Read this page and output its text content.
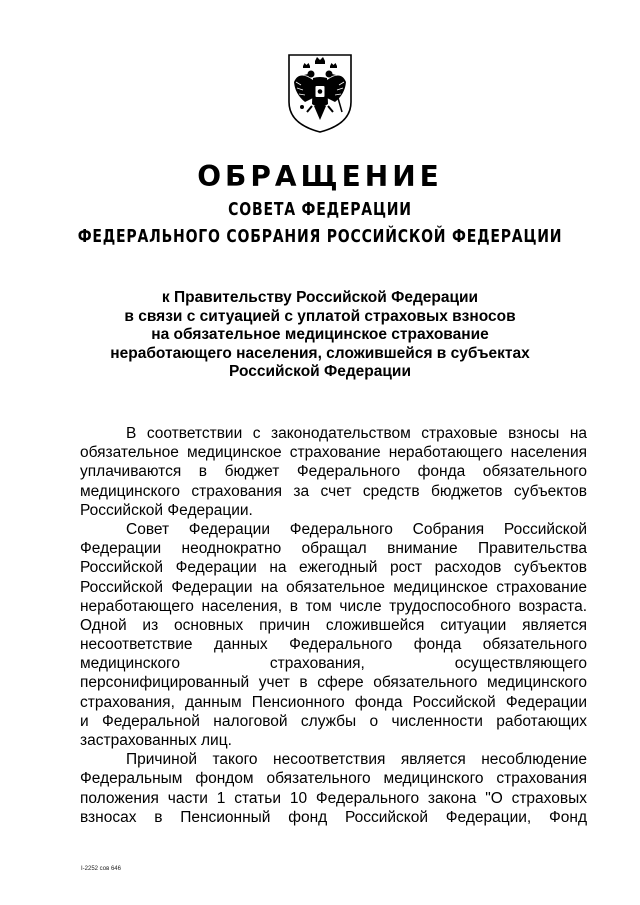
ОБРАЩЕНИЕ
СОВЕТА ФЕДЕРАЦИИ
ФЕДЕРАЛЬНОГО СОБРАНИЯ РОССИЙСКОЙ ФЕДЕРАЦИИ
к Правительству Российской Федерации
в связи с ситуацией с уплатой страховых взносов
на обязательное медицинское страхование
неработающего населения, сложившейся в субъектах
Российской Федерации
В соответствии с законодательством страховые взносы на
обязательное медицинское страхование неработающего населения
уплачиваются в бюджет Федерального фонда обязательного
медицинского страхования за счет средств бюджетов субъектов
Российской Федерации.
Совет Федерации Федерального Собрания Российской
Федерации неоднократно обращал внимание Правительства
Российской Федерации на ежегодный рост расходов субъектов
Российской Федерации на обязательное медицинское страхование
неработающего населения, в том числе трудоспособного возраста.
Одной из основных причин сложившейся ситуации является
несоответствие данных Федерального фонда обязательного
медицинского страхования, осуществляющего
персонифицированный учет в сфере обязательного медицинского
страхования, данным Пенсионного фонда Российской Федерации
и Федеральной налоговой службы о численности работающих
застрахованных лиц.
Причиной такого несоответствия является несоблюдение
Федеральным фондом обязательного медицинского страхования
положения части 1 статьи 10 Федерального закона "О страховых
взносах в Пенсионный фонд Российской Федерации, Фонд
I-2252 сов 646
